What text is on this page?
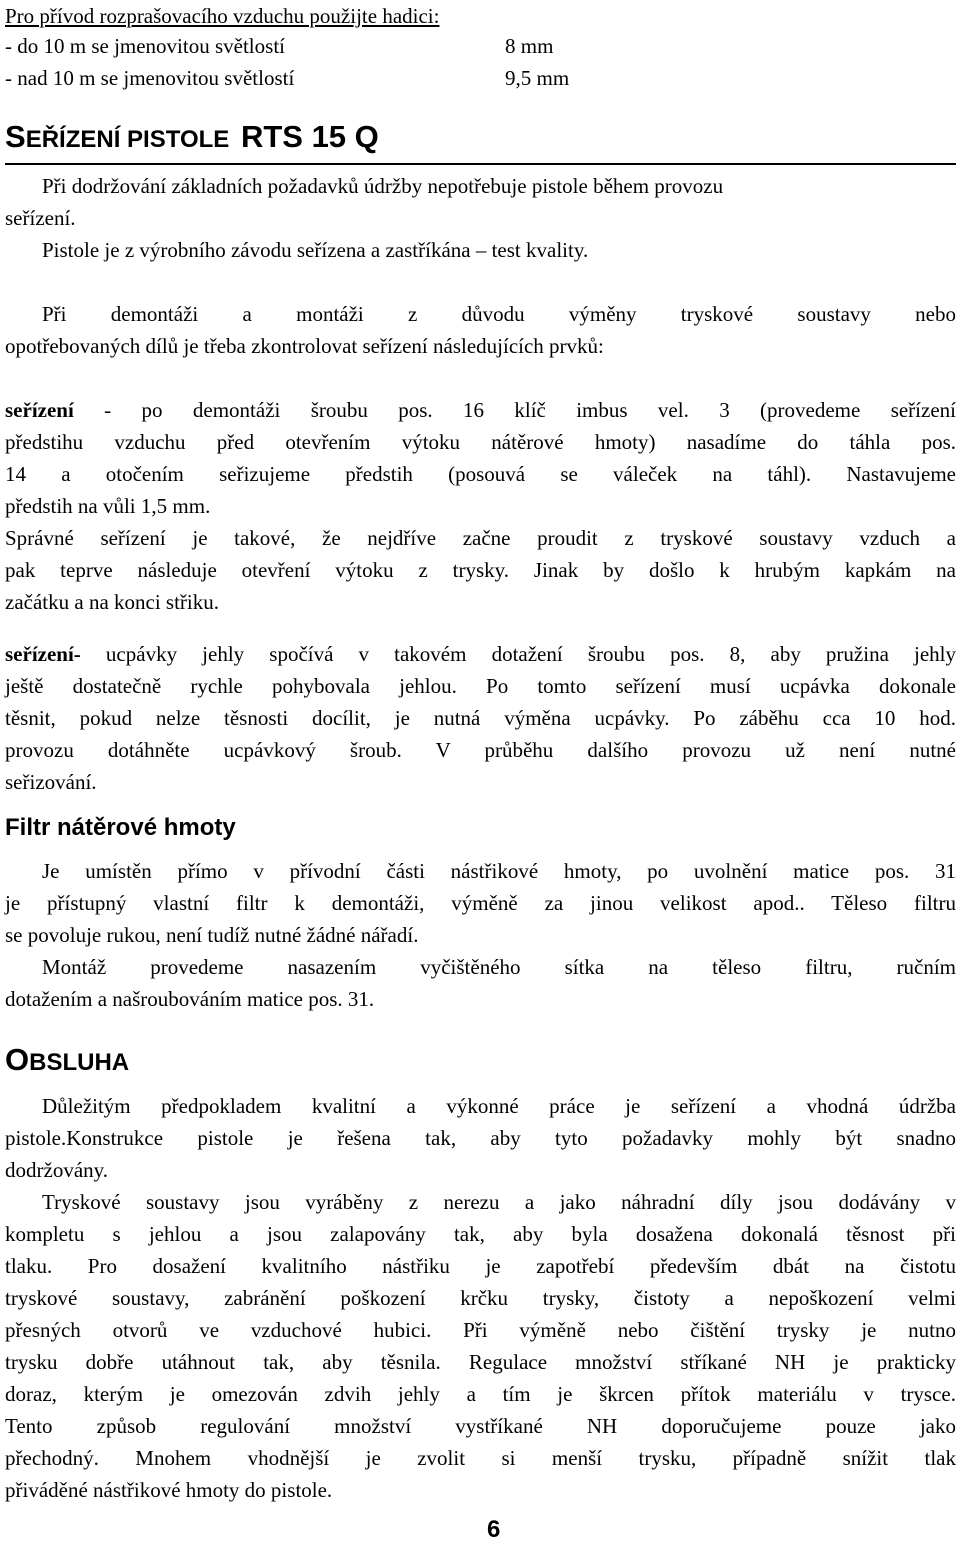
Pro přívod rozprašovacího vzduchu použijte hadici:
- do 10 m se jmenovitou světlostí	8 mm
- nad 10 m se jmenovitou světlostí	9,5 mm
SEŘÍZENÍ PISTOLE RTS 15 Q
Při dodržování základních požadavků údržby nepotřebuje pistole během provozu
seřízení.
Pistole je z výrobního závodu seřízena a zastříkána – test kvality.
Při demontáži a montáži z důvodu výměny tryskové soustavy nebo
opotřebovaných dílů je třeba zkontrolovat seřízení následujících prvků:
seřízení - po demontáži šroubu pos. 16 klíč imbus vel. 3 (provedeme seřízení
předstihu vzduchu před otevřením výtoku nátěrové hmoty) nasadíme do táhla pos.
14 a otočením seřizujeme předstih (posouvá se váleček na táhl). Nastavujeme
předstih na vůli 1,5 mm.
Správné seřízení je takové, že nejdříve začne proudit z tryskové soustavy vzduch a
pak teprve následuje otevření výtoku z trysky. Jinak by došlo k hrubým kapkám na
začátku a na konci střiku.
seřízení- ucpávky jehly spočívá v takovém dotažení šroubu pos. 8, aby pružina jehly
ještě dostatečně rychle pohybovala jehlou. Po tomto seřízení musí ucpávka dokonale
těsnit, pokud nelze těsnosti docílit, je nutná výměna ucpávky. Po záběhu cca 10 hod.
provozu dotáhněte ucpávkový šroub. V průběhu dalšího provozu už není nutné
seřizování.
Filtr nátěrové hmoty
Je umístěn přímo v přívodní části nástřikové hmoty, po uvolnění matice pos. 31
je přístupný vlastní filtr k demontáži, výměně za jinou velikost apod.. Těleso filtru
se povoluje rukou, není tudíž nutné žádné nářadí.
Montáž provedeme nasazením vyčištěného sítka na těleso filtru, ručním
dotažením a našroubováním matice pos. 31.
OBSLUHA
Důležitým předpokladem kvalitní a výkonné práce je seřízení a vhodná údržba
pistole.Konstrukce pistole je řešena tak, aby tyto požadavky mohly být snadno
dodržovány.
Tryskové soustavy jsou vyráběny z nerezu a jako náhradní díly jsou dodávány v
kompletu s jehlou a jsou zalapovány tak, aby byla dosažena dokonalá těsnost při
tlaku. Pro dosažení kvalitního nástřiku je zapotřebí především dbát na čistotu
tryskové soustavy, zabránění poškození krčku trysky, čistoty a nepoškození velmi
přesných otvorů ve vzduchové hubici. Při výměně nebo čištění trysky je nutno
trysku dobře utáhnout tak, aby těsnila. Regulace množství stříkané NH je prakticky
doraz, kterým je omezován zdvih jehly a tím je škrcen přítok materiálu v trysce.
Tento způsob regulování množství vystříkané NH doporučujeme pouze jako
přechodný. Mnohem vhodnější je zvolit si menší trysku, případně snížit tlak
přiváděné nástřikové hmoty do pistole.
6
